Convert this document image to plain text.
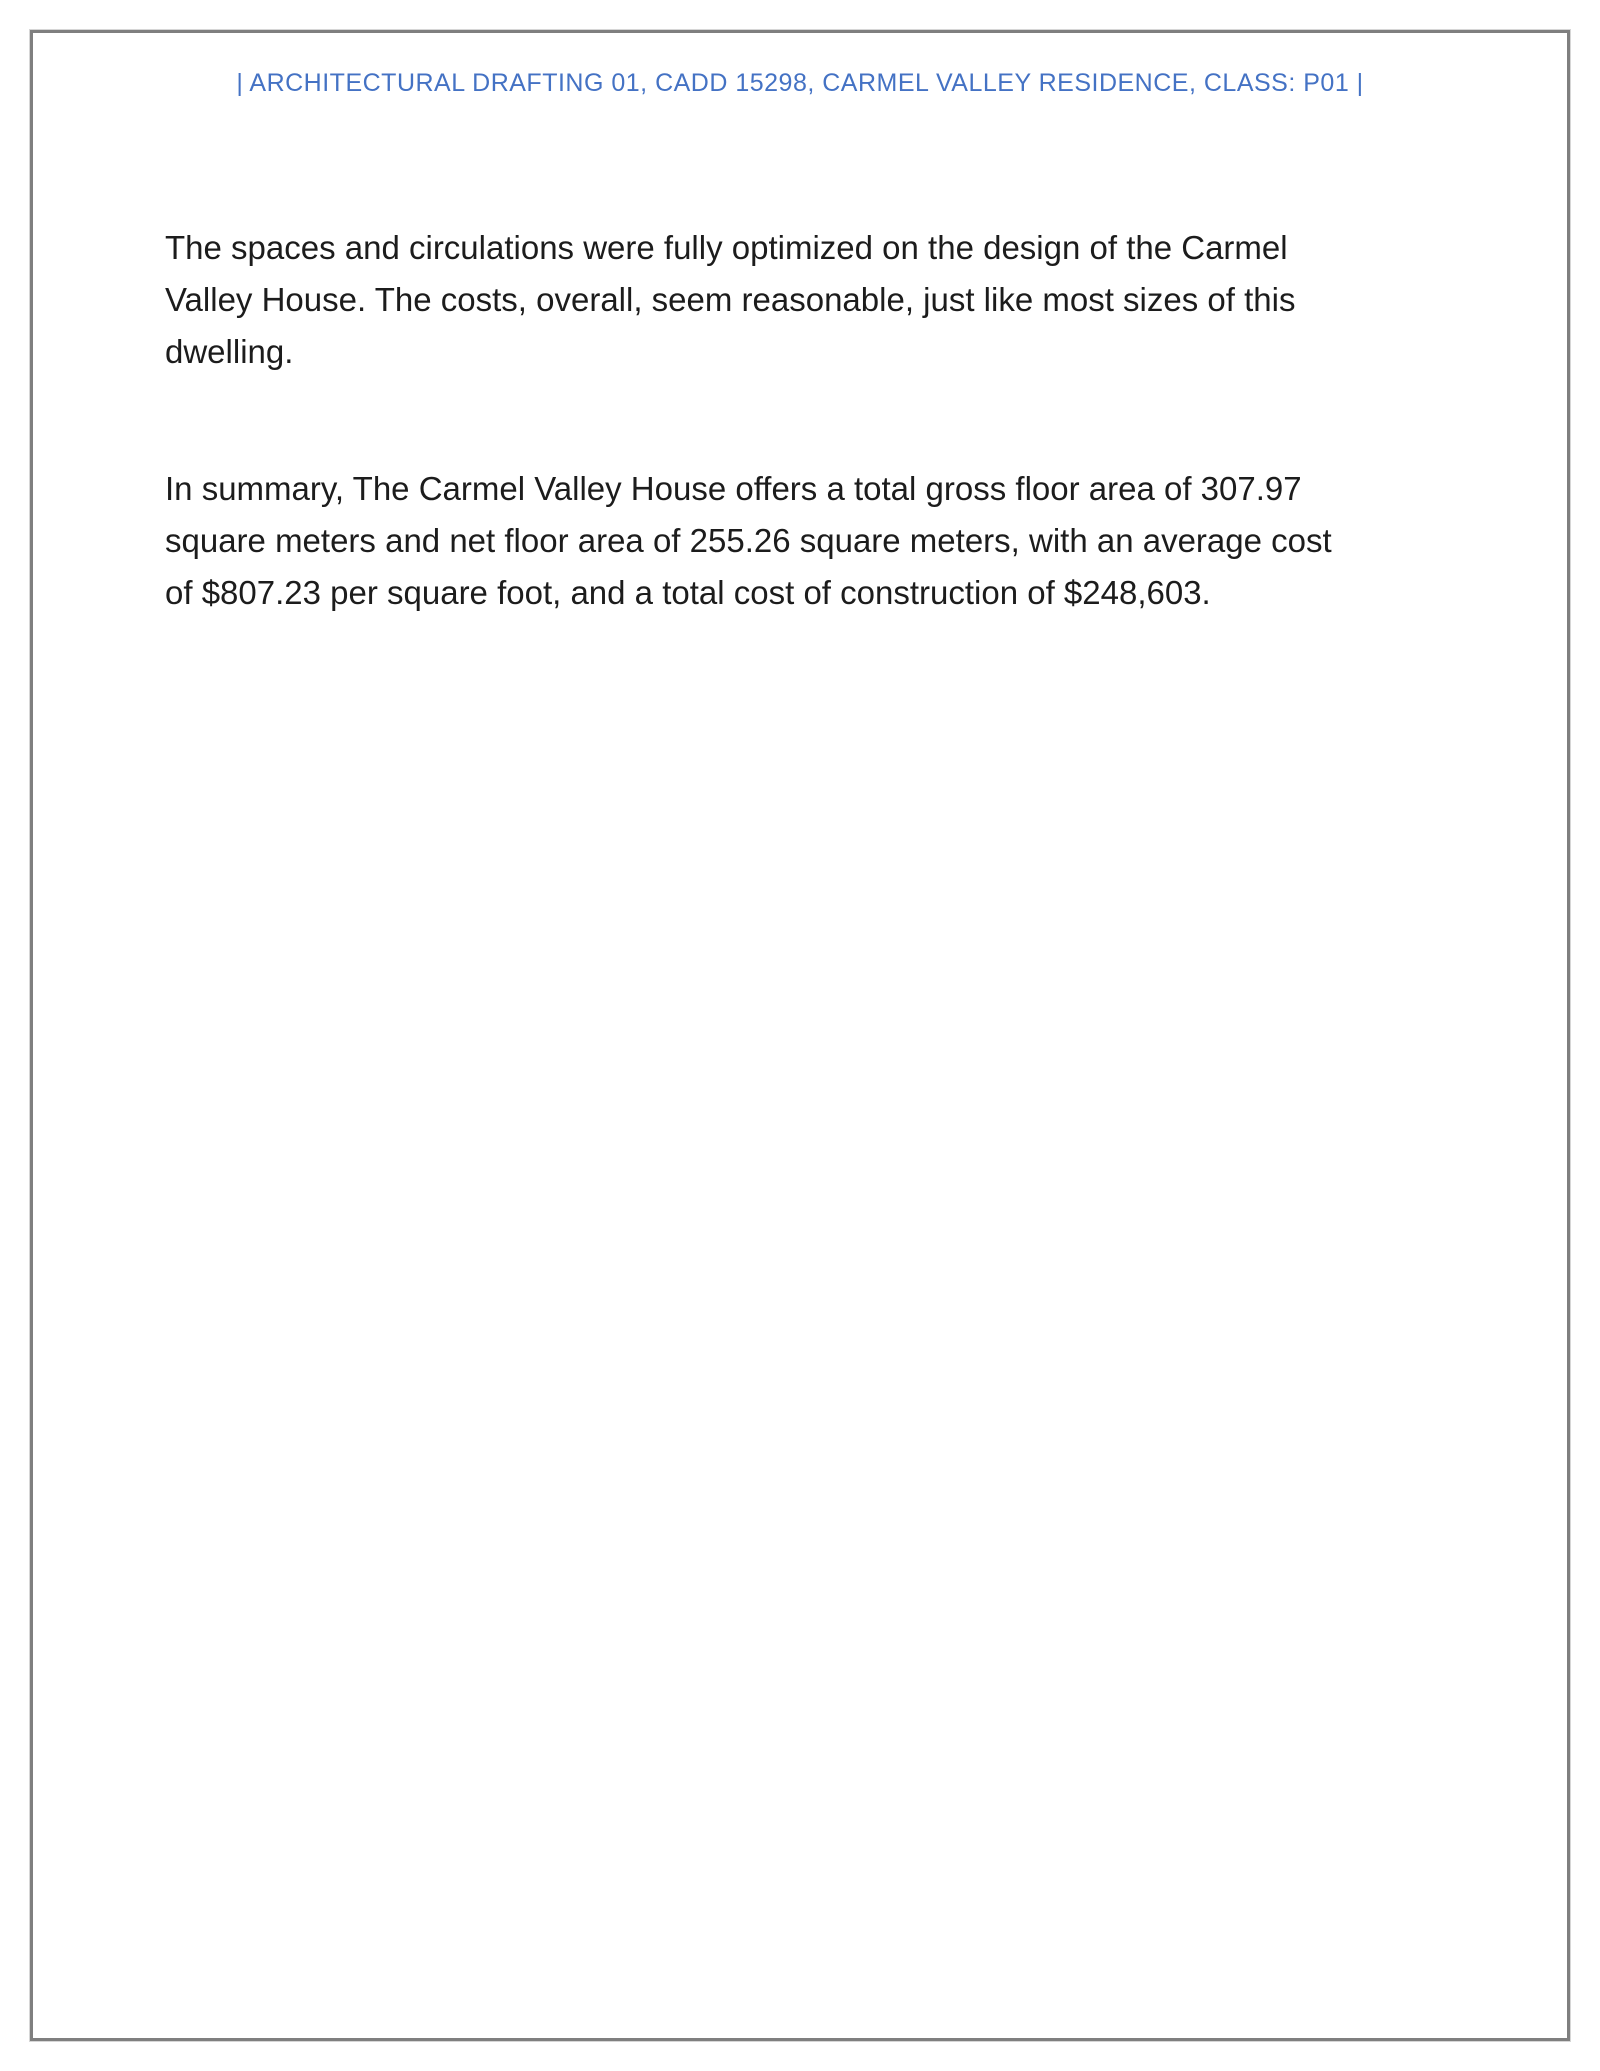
| ARCHITECTURAL DRAFTING 01, CADD 15298, CARMEL VALLEY RESIDENCE, CLASS: P01 |

The spaces and circulations were fully optimized on the design of the Carmel
Valley House. The costs, overall, seem reasonable, just like most sizes of this
dwelling.

In summary, The Carmel Valley House offers a total gross floor area of 307.97
square meters and net floor area of 255.26 square meters, with an average cost
of $807.23 per square foot, and a total cost of construction of $248,603.
